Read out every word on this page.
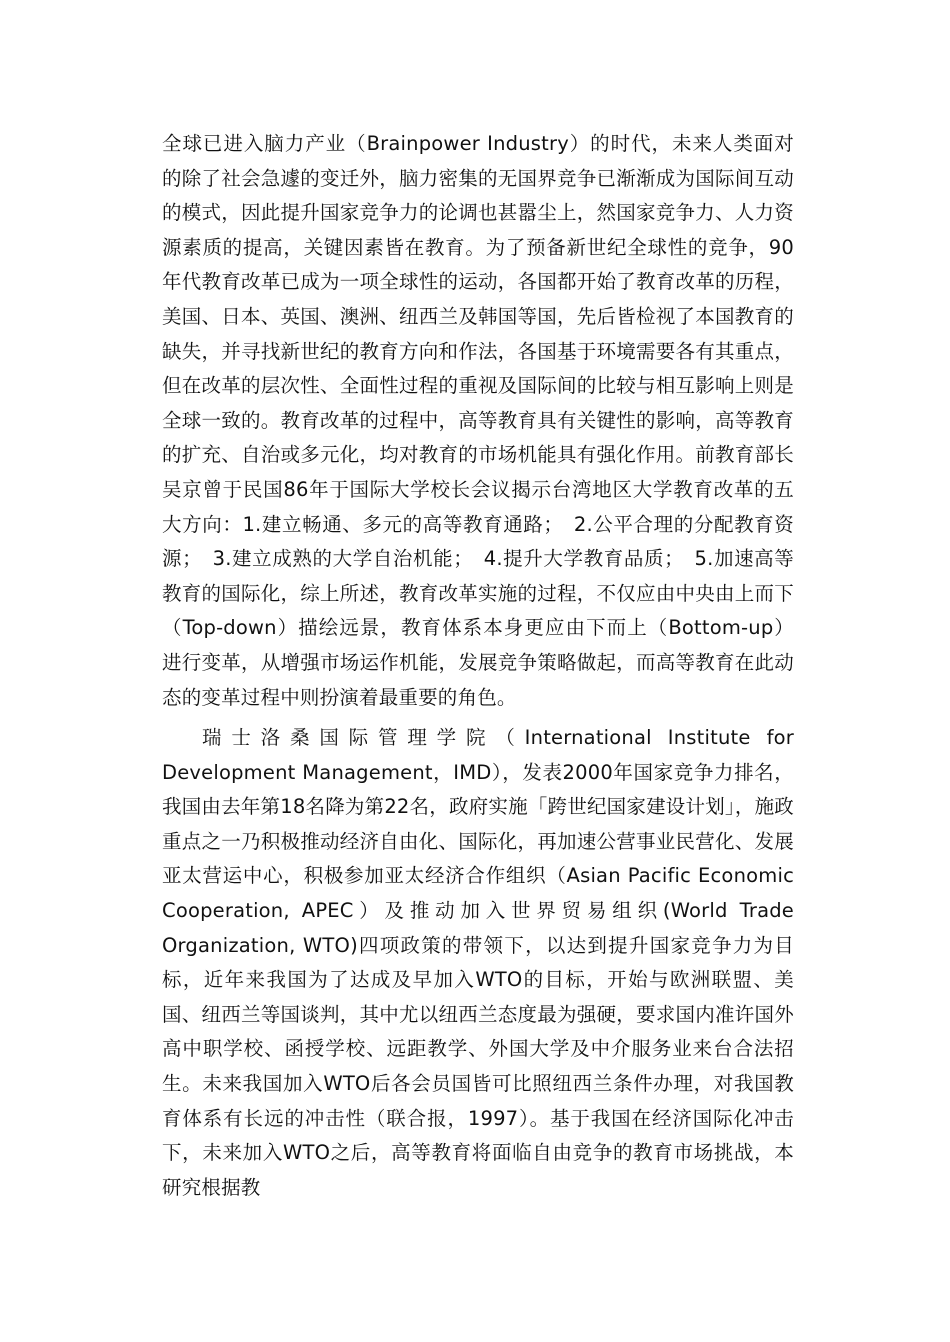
全球已进入脑力产业（Brainpower Industry）的时代，未来人类面对的除了社会急遽的变迁外，脑力密集的无国界竞争已渐渐成为国际间互动的模式，因此提升国家竞争力的论调也甚嚣尘上，然国家竞争力、人力资源素质的提高，关键因素皆在教育。为了预备新世纪全球性的竞争，90年代教育改革已成为一项全球性的运动，各国都开始了教育改革的历程，美国、日本、英国、澳洲、纽西兰及韩国等国，先后皆检视了本国教育的缺失，并寻找新世纪的教育方向和作法，各国基于环境需要各有其重点，但在改革的层次性、全面性过程的重视及国际间的比较与相互影响上则是全球一致的。教育改革的过程中，高等教育具有关键性的影响，高等教育的扩充、自治或多元化，均对教育的市场机能具有强化作用。前教育部长吴京曾于民国86年于国际大学校长会议揭示台湾地区大学教育改革的五大方向：1.建立畅通、多元的高等教育通路；　2.公平合理的分配教育资源；　3.建立成熟的大学自治机能；　4.提升大学教育品质；　5.加速高等教育的国际化，综上所述，教育改革实施的过程，不仅应由中央由上而下（Top-down）描绘远景，教育体系本身更应由下而上（Bottom-up）进行变革，从增强市场运作机能，发展竞争策略做起，而高等教育在此动态的变革过程中则扮演着最重要的角色。

瑞士洛桑国际管理学院（International Institute for Development Management，IMD），发表2000年国家竞争力排名，我国由去年第18名降为第22名，政府实施「跨世纪国家建设计划」，施政重点之一乃积极推动经济自由化、国际化，再加速公营事业民营化、发展亚太营运中心，积极参加亚太经济合作组织（Asian Pacific Economic Cooperation, APEC）及推动加入世界贸易组织(World Trade Organization, WTO)四项政策的带领下，以达到提升国家竞争力为目标，近年来我国为了达成及早加入WTO的目标，开始与欧洲联盟、美国、纽西兰等国谈判，其中尤以纽西兰态度最为强硬，要求国内准许国外高中职学校、函授学校、远距教学、外国大学及中介服务业来台合法招生。未来我国加入WTO后各会员国皆可比照纽西兰条件办理，对我国教育体系有长远的冲击性（联合报，1997）。基于我国在经济国际化冲击下，未来加入WTO之后，高等教育将面临自由竞争的教育市场挑战，本研究根据教
